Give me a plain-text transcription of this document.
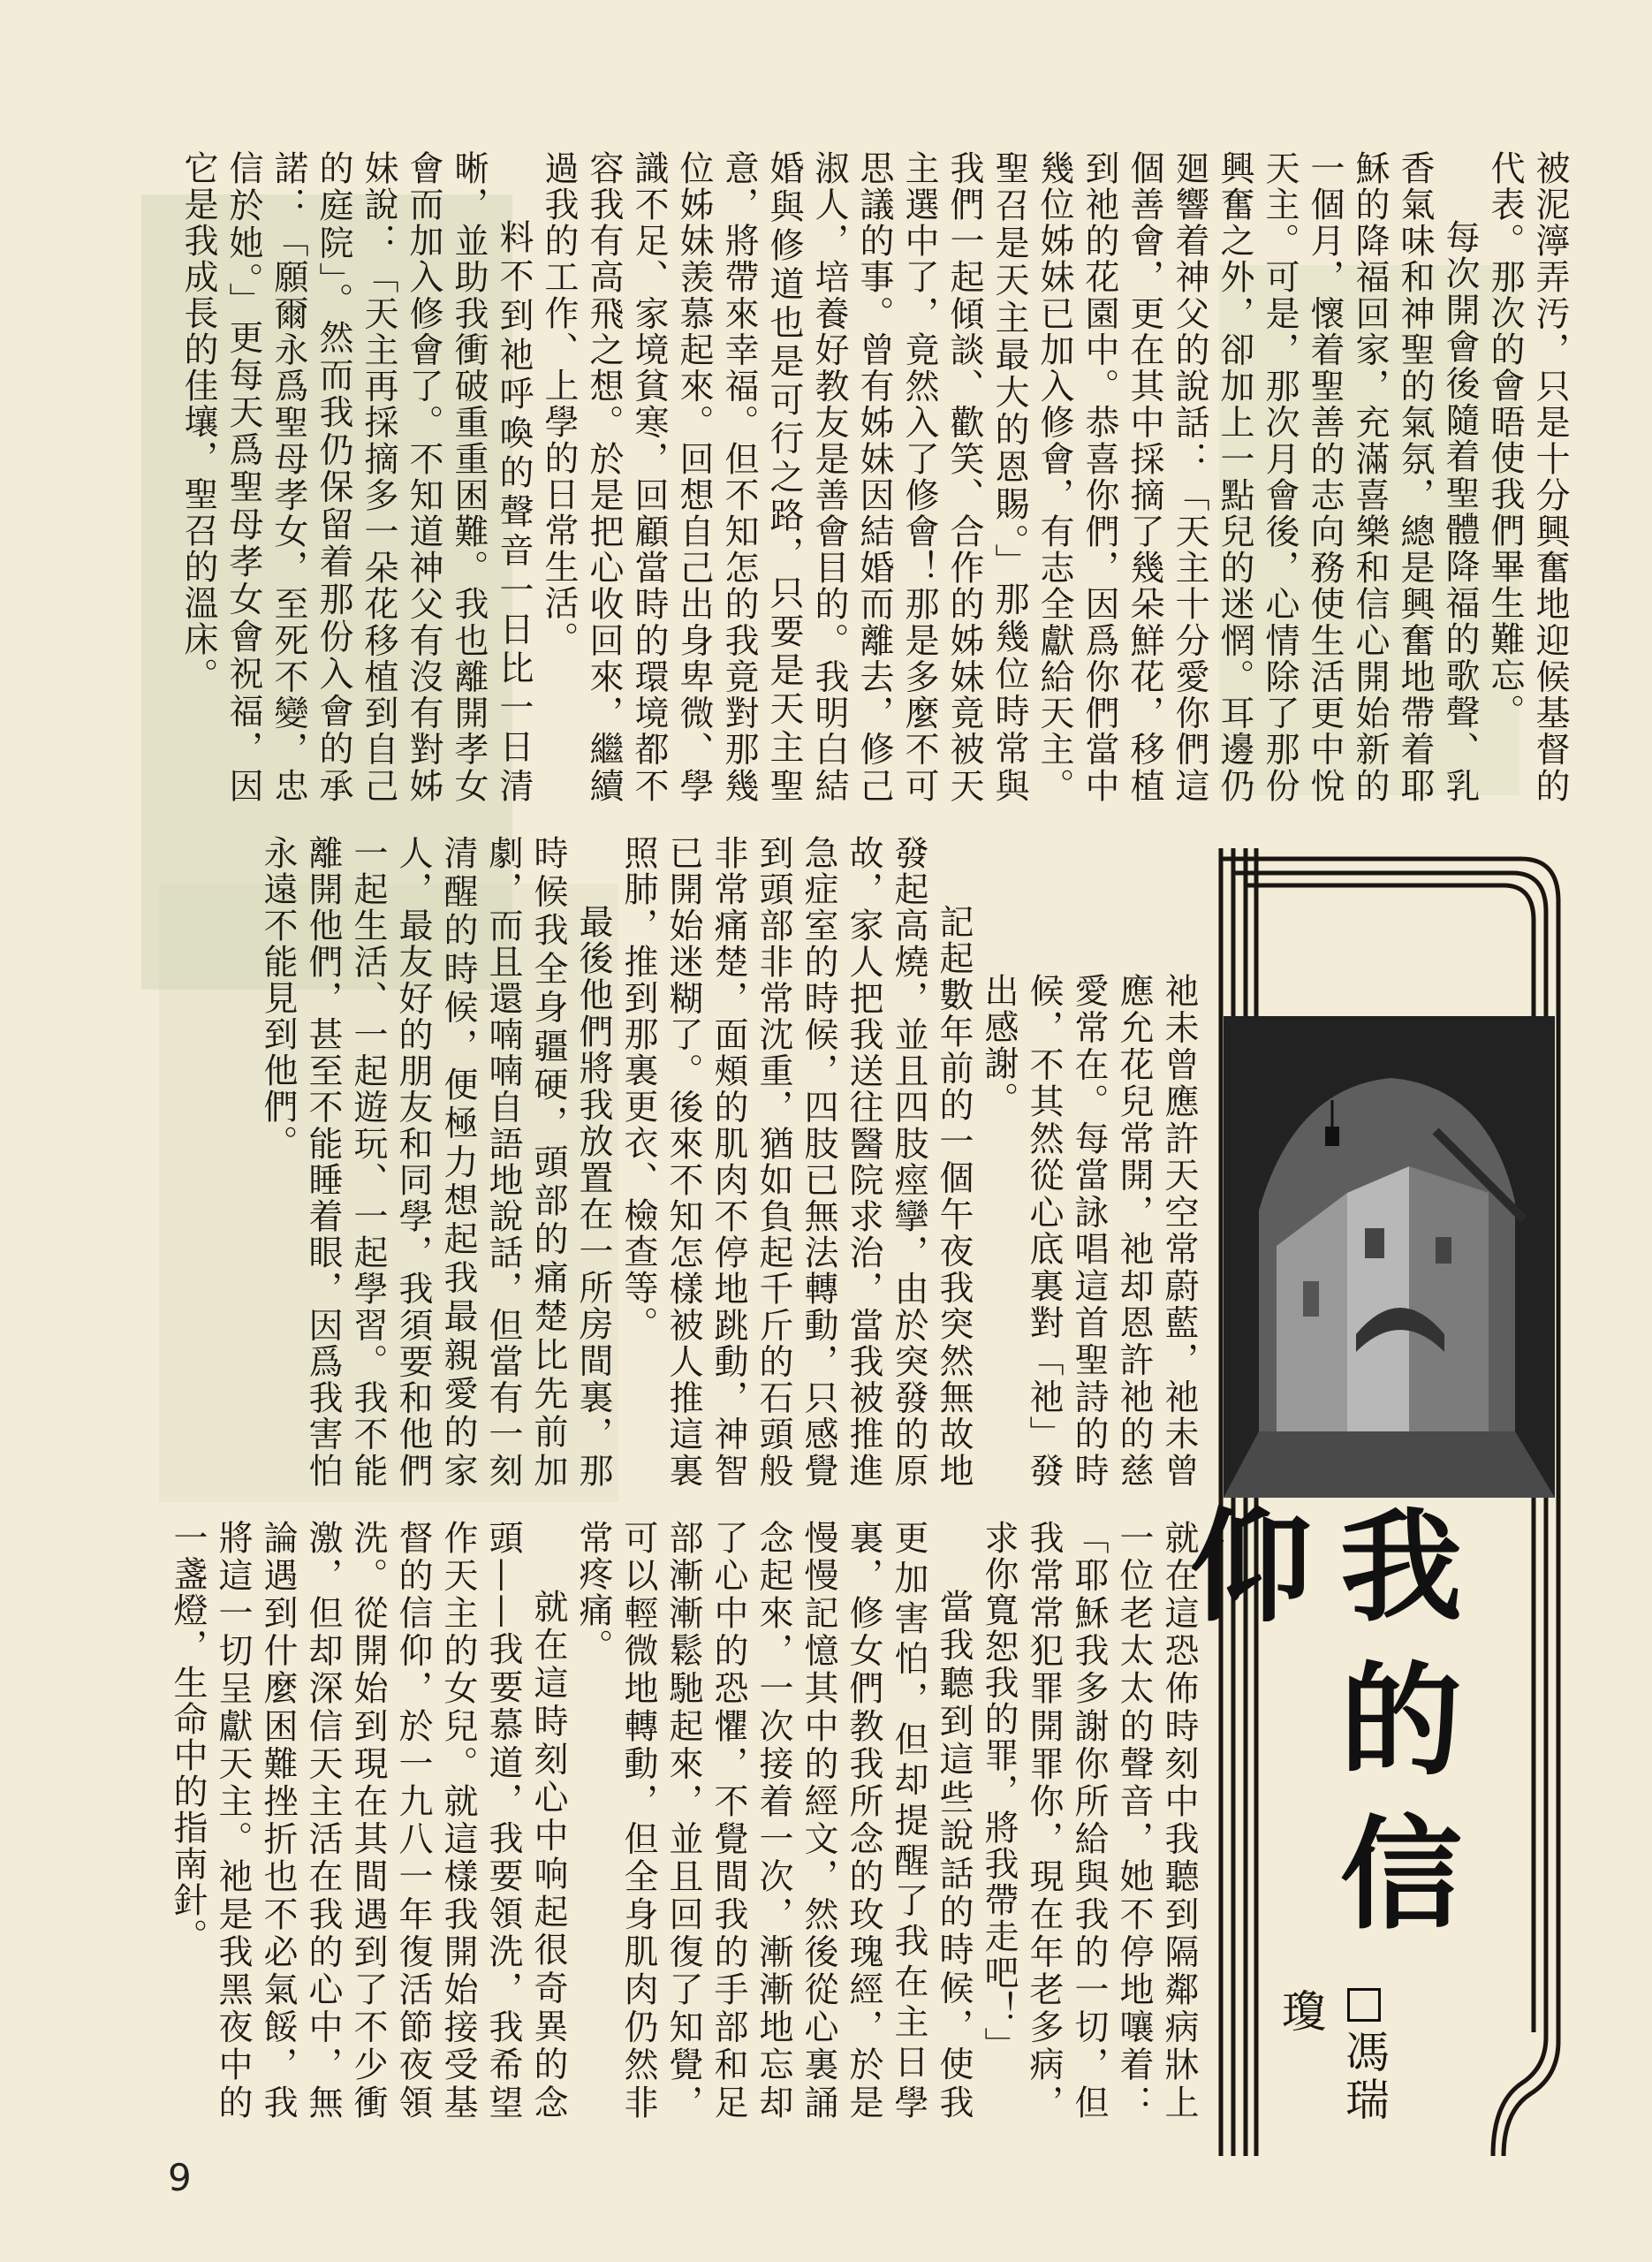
被泥濘弄汚，只是十分興奮地迎候基督的代表。那次的會晤使我們畢生難忘。

每次開會後隨着聖體降福的歌聲、乳香氣味和神聖的氣氛，總是興奮地帶着耶穌的降福回家，充滿喜樂和信心開始新的一個月，懷着聖善的志向務使生活更中悅天主。可是，那次月會後，心情除了那份興奮之外，卻加上一點兒的迷惘。耳邊仍廻響着神父的說話：「天主十分愛你們這個善會，更在其中採摘了幾朵鮮花，移植到祂的花園中。恭喜你們，因爲你們當中幾位姊妹已加入修會，有志全獻給天主。聖召是天主最大的恩賜。」那幾位時常與我們一起傾談、歡笑、合作的姊妹竟被天主選中了，竟然入了修會！那是多麼不可思議的事。曾有姊妹因結婚而離去，修己淑人，培養好教友是善會目的。我明白結婚與修道也是可行之路，只要是天主聖意，將帶來幸福。但不知怎的我竟對那幾位姊妹羡慕起來。回想自己出身卑微、學識不足、家境貧寒，回顧當時的環境都不容我有高飛之想。於是把心收回來，繼續過我的工作、上學的日常生活。

料不到祂呼喚的聲音一日比一日清晰，並助我衝破重重困難。我也離開孝女會而加入修會了。不知道神父有沒有對姊妹說：「天主再採摘多一朵花移植到自己的庭院」。然而我仍保留着那份入會的承諾：「願爾永爲聖母孝女，至死不變，忠信於她。」更每天爲聖母孝女會祝福，因它是我成長的佳壤，聖召的溫床。

祂未曾應許天空常蔚藍，祂未曾應允花兒常開，祂却恩許祂的慈愛常在。每當詠唱這首聖詩的時候，不其然從心底裏對「祂」發出感謝。

記起數年前的一個午夜我突然無故地發起高燒，並且四肢痙攣，由於突發的原故，家人把我送往醫院求治，當我被推進急症室的時候，四肢已無法轉動，只感覺到頭部非常沈重，猶如負起千斤的石頭般非常痛楚，面頰的肌肉不停地跳動，神智已開始迷糊了。後來不知怎樣被人推這裏照肺，推到那裏更衣、檢查等。

最後他們將我放置在一所房間裏，那時候我全身疆硬，頭部的痛楚比先前加劇，而且還喃喃自語地說話，但當有一刻清醒的時候，便極力想起我最親愛的家人，最友好的朋友和同學，我須要和他們一起生活、一起遊玩、一起學習。我不能離開他們，甚至不能睡着眼，因爲我害怕永遠不能見到他們。

就在這恐佈時刻中我聽到隔鄰病牀上一位老太太的聲音，她不停地嚷着：「耶穌我多謝你所給與我的一切，但我常常犯罪開罪你，現在年老多病，求你寬恕我的罪，將我帶走吧！」

當我聽到這些說話的時候，使我更加害怕，但却提醒了我在主日學裏，修女們教我所念的玫瑰經，於是慢慢記憶其中的經文，然後從心裏誦念起來，一次接着一次，漸漸地忘却了心中的恐懼，不覺間我的手部和足部漸漸鬆馳起來，並且回復了知覺，可以輕微地轉動，但全身肌肉仍然非常疼痛。

就在這時刻心中响起很奇異的念頭——我要慕道，我要領洗，我希望作天主的女兒。就這樣我開始接受基督的信仰，於一九八一年復活節夜領洗。從開始到現在其間遇到了不少衝激，但却深信天主活在我的心中，無論遇到什麼困難挫折也不必氣餒，我將這一切呈獻天主。祂是我黑夜中的一盞燈，生命中的指南針。	我的信仰
馮瑞瓊
9
